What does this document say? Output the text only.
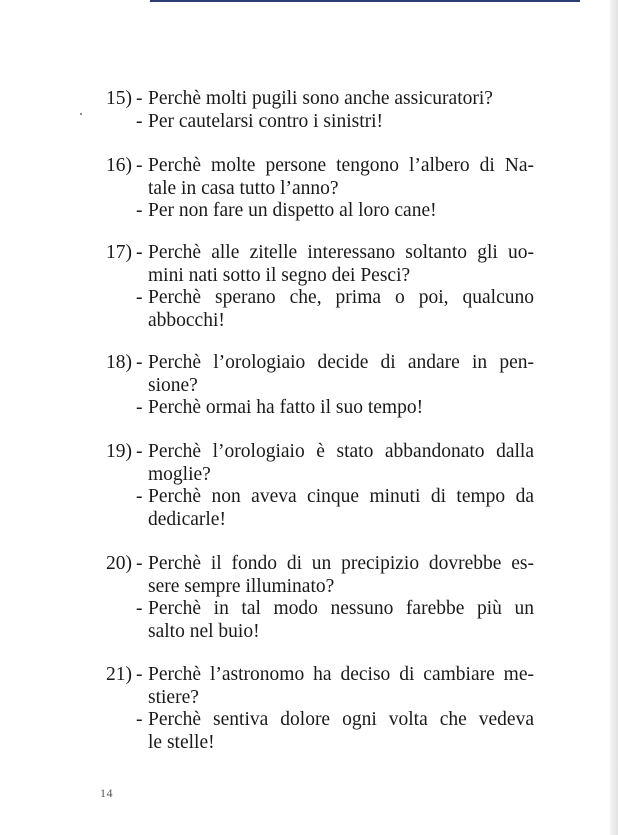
15) - Perchè molti pugili sono anche assicuratori?
- Per cautelarsi contro i sinistri!
16) - Perchè molte persone tengono l’albero di Na-
tale in casa tutto l’anno?
- Per non fare un dispetto al loro cane!
17) - Perchè alle zitelle interessano soltanto gli uo-
mini nati sotto il segno dei Pesci?
- Perchè sperano che, prima o poi, qualcuno
abbocchi!
18) - Perchè l’orologiaio decide di andare in pen-
sione?
- Perchè ormai ha fatto il suo tempo!
19) - Perchè l’orologiaio è stato abbandonato dalla
moglie?
- Perchè non aveva cinque minuti di tempo da
dedicarle!
20) - Perchè il fondo di un precipizio dovrebbe es-
sere sempre illuminato?
- Perchè in tal modo nessuno farebbe più un
salto nel buio!
21) - Perchè l’astronomo ha deciso di cambiare me-
stiere?
- Perchè sentiva dolore ogni volta che vedeva
le stelle!
14
